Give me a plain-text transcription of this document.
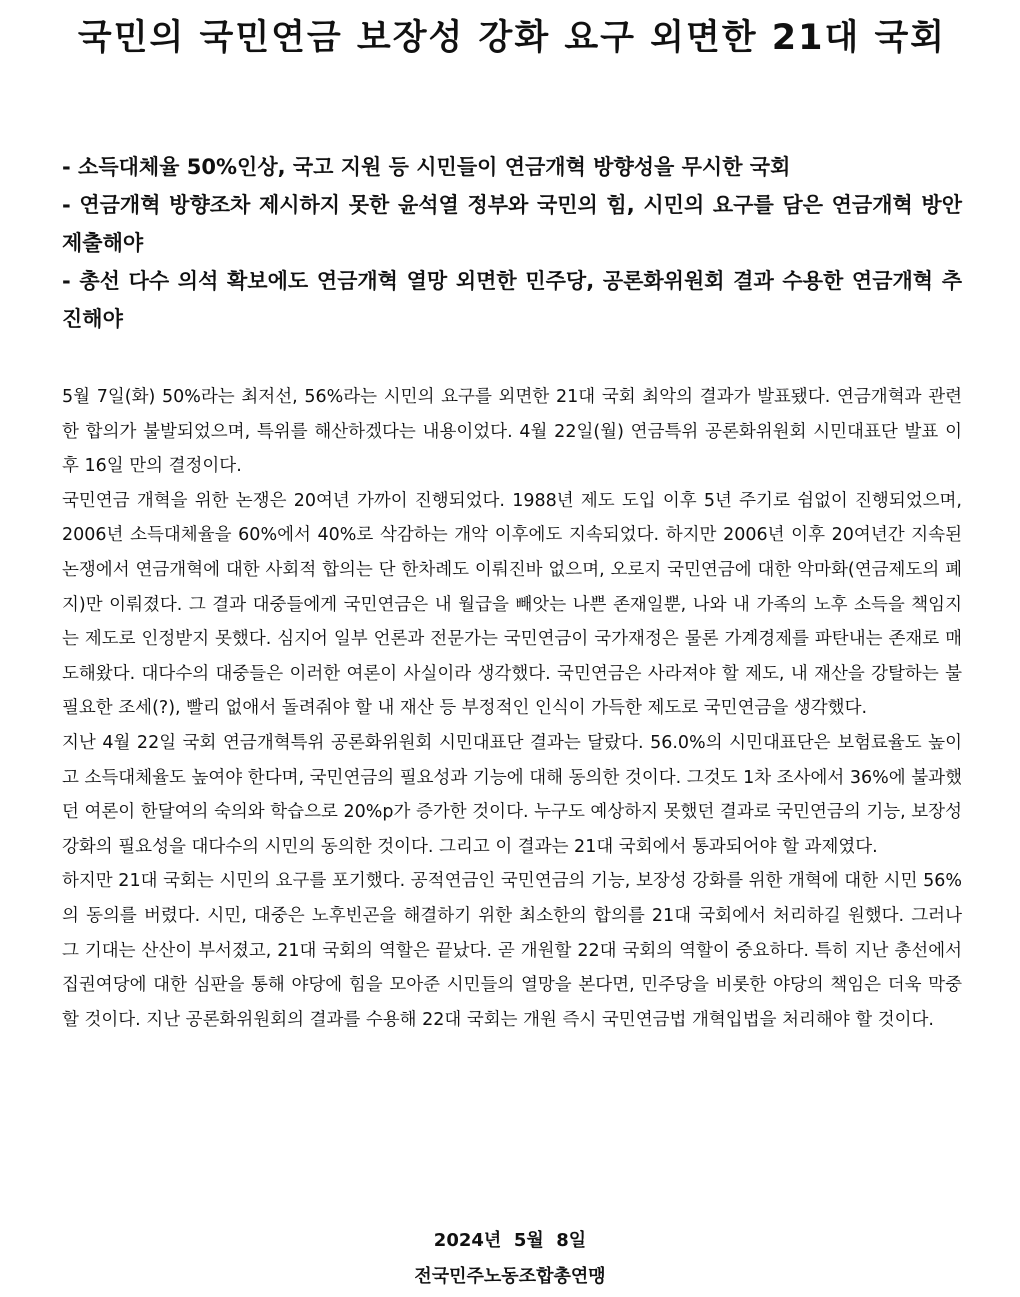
국민의 국민연금 보장성 강화 요구 외면한 21대 국회

- 소득대체율 50%인상, 국고 지원 등 시민들이 연금개혁 방향성을 무시한 국회

- 연금개혁 방향조차 제시하지 못한 윤석열 정부와 국민의 힘, 시민의 요구를 담은 연금개혁 방안 제출해야

- 총선 다수 의석 확보에도 연금개혁 열망 외면한 민주당, 공론화위원회 결과 수용한 연금개혁 추진해야

5월 7일(화) 50%라는 최저선, 56%라는 시민의 요구를 외면한 21대 국회 최악의 결과가 발표됐다. 연금개혁과 관련한 합의가 불발되었으며, 특위를 해산하겠다는 내용이었다. 4월 22일(월) 연금특위 공론화위원회 시민대표단 발표 이후 16일 만의 결정이다.

국민연금 개혁을 위한 논쟁은 20여년 가까이 진행되었다. 1988년 제도 도입 이후 5년 주기로 쉼없이 진행되었으며, 2006년 소득대체율을 60%에서 40%로 삭감하는 개악 이후에도 지속되었다. 하지만 2006년 이후 20여년간 지속된 논쟁에서 연금개혁에 대한 사회적 합의는 단 한차례도 이뤄진바 없으며, 오로지 국민연금에 대한 악마화(연금제도의 폐지)만 이뤄졌다. 그 결과 대중들에게 국민연금은 내 월급을 빼앗는 나쁜 존재일뿐, 나와 내 가족의 노후 소득을 책임지는 제도로 인정받지 못했다. 심지어 일부 언론과 전문가는 국민연금이 국가재정은 물론 가계경제를 파탄내는 존재로 매도해왔다. 대다수의 대중들은 이러한 여론이 사실이라 생각했다. 국민연금은 사라져야 할 제도, 내 재산을 강탈하는 불필요한 조세(?), 빨리 없애서 돌려줘야 할 내 재산 등 부정적인 인식이 가득한 제도로 국민연금을 생각했다.

지난 4월 22일 국회 연금개혁특위 공론화위원회 시민대표단 결과는 달랐다. 56.0%의 시민대표단은 보험료율도 높이고 소득대체율도 높여야 한다며, 국민연금의 필요성과 기능에 대해 동의한 것이다. 그것도 1차 조사에서 36%에 불과했던 여론이 한달여의 숙의와 학습으로 20%p가 증가한 것이다. 누구도 예상하지 못했던 결과로 국민연금의 기능, 보장성 강화의 필요성을 대다수의 시민의 동의한 것이다. 그리고 이 결과는 21대 국회에서 통과되어야 할 과제였다.

하지만 21대 국회는 시민의 요구를 포기했다. 공적연금인 국민연금의 기능, 보장성 강화를 위한 개혁에 대한 시민 56%의 동의를 버렸다. 시민, 대중은 노후빈곤을 해결하기 위한 최소한의 합의를 21대 국회에서 처리하길 원했다. 그러나 그 기대는 산산이 부서졌고, 21대 국회의 역할은 끝났다. 곧 개원할 22대 국회의 역할이 중요하다. 특히 지난 총선에서 집권여당에 대한 심판을 통해 야당에 힘을 모아준 시민들의 열망을 본다면, 민주당을 비롯한 야당의 책임은 더욱 막중할 것이다. 지난 공론화위원회의 결과를 수용해 22대 국회는 개원 즉시 국민연금법 개혁입법을 처리해야 할 것이다.

2024년  5월  8일
전국민주노동조합총연맹
